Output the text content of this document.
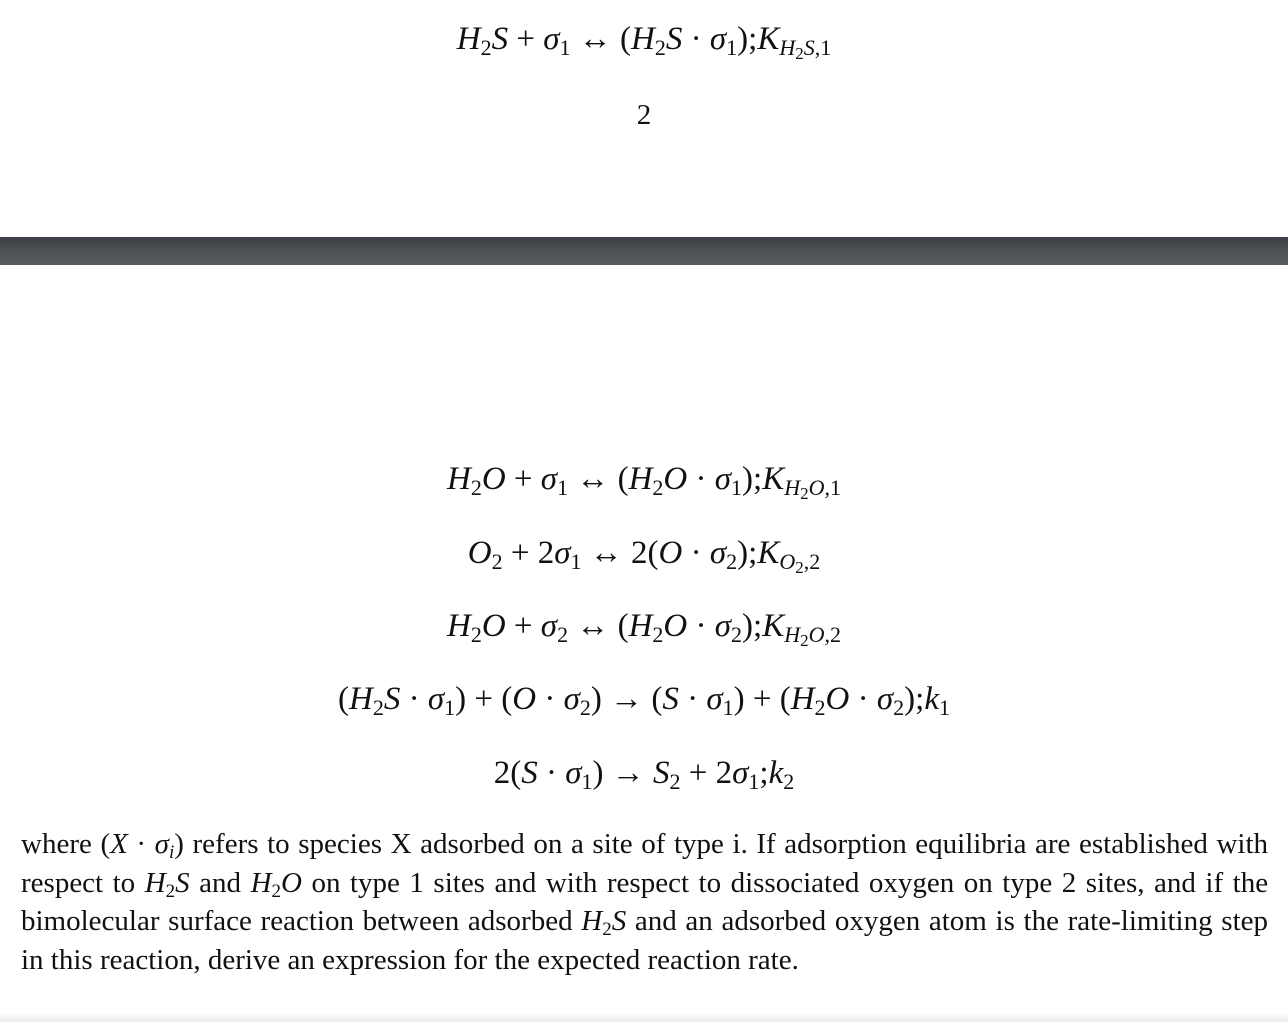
$H_2S + \sigma_1$ ↔ ($H_2S$ · $\sigma_1);K_{H_2S,1}$
2
$H_2O + \sigma_1$ ↔ ($H_2O$ · $\sigma_1);K_{H_2O,1}$
$O_2 + 2\sigma_1$ ↔ $2(O \cdot \sigma_2);K_{O_2,2}$
$H_2O + \sigma_2$ ↔ ($H_2O$ · $\sigma_2);K_{H_2O,2}$
$(H_2S \cdot \sigma_1) + (O \cdot \sigma_2) \to (S \cdot \sigma_1) + (H_2O$ · $\sigma_2);k_1$
$2(S \cdot \sigma_1) \to S_2$ + $2\sigma_1;k_2$
where $(X \cdot \sigma_i)$ refers to species X adsorbed on a site of type i. If adsorption equilibria are established with respect to $H_2S$ and $H_2O$ on type 1 sites and with respect to dissociated oxygen on type 2 sites, and if the bimolecular surface reaction between adsorbed $H_2S$ and an adsorbed oxygen atom is the rate-limiting step in this reaction, derive an expression for the expected reaction rate.
